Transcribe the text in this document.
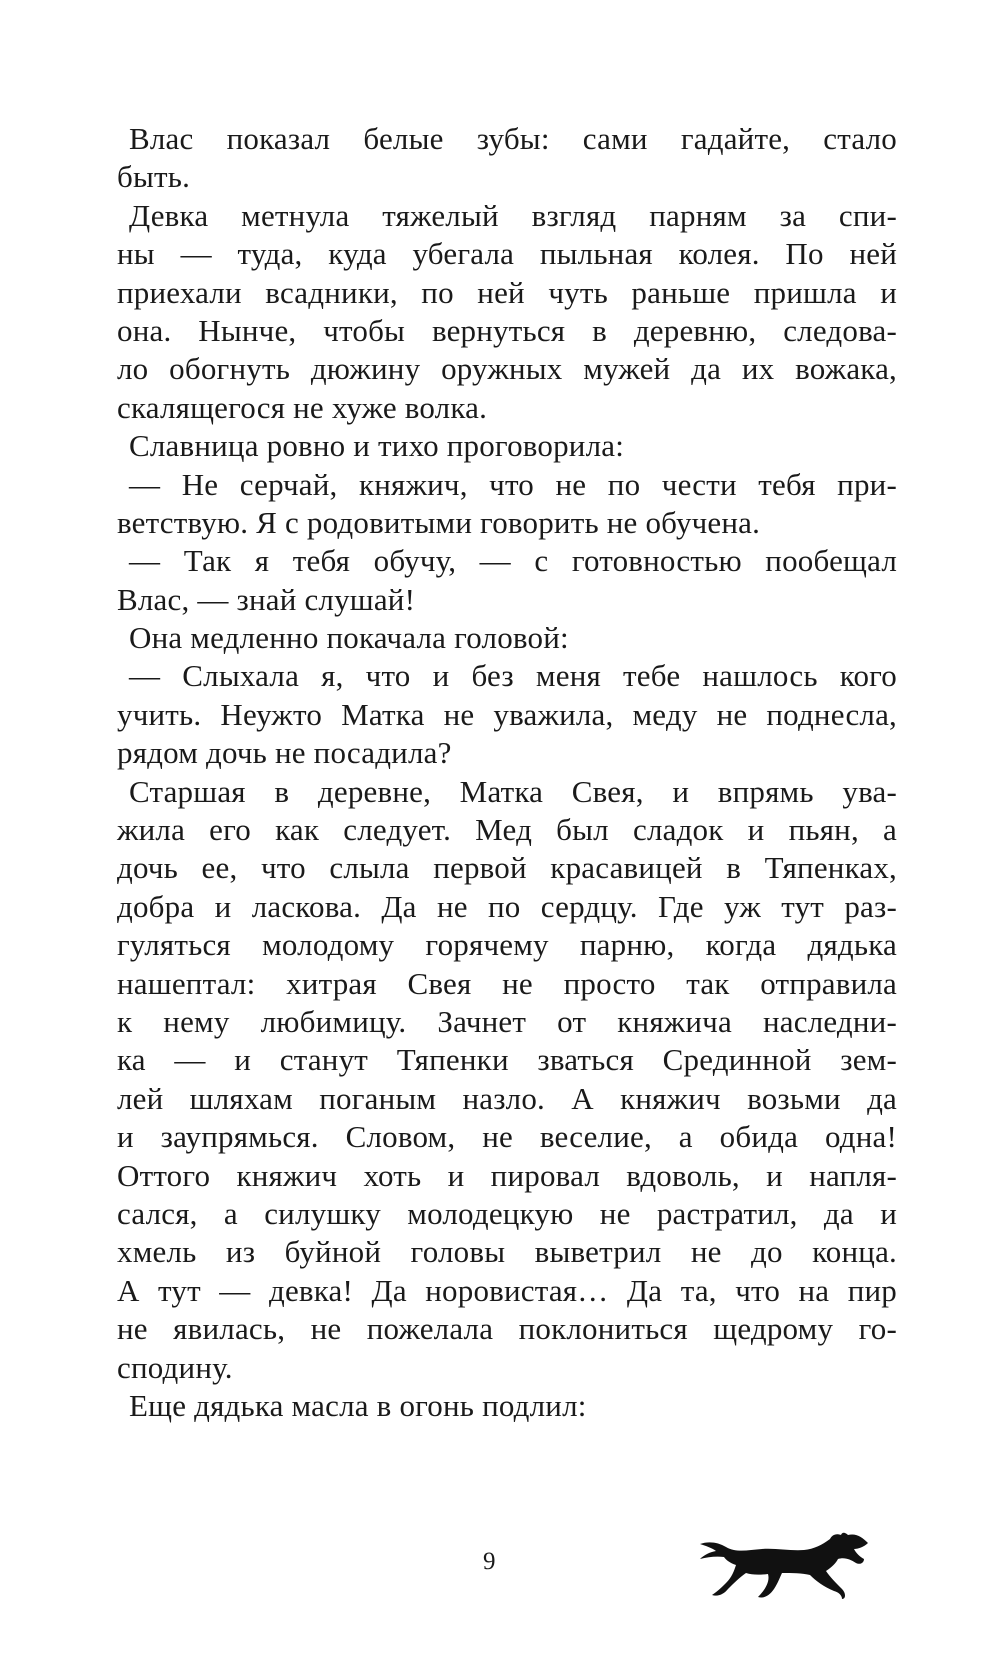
Влас показал белые зубы: сами гадайте, стало
быть.
Девка метнула тяжелый взгляд парням за спи-
ны — туда, куда убегала пыльная колея. По ней
приехали всадники, по ней чуть раньше пришла и
она. Нынче, чтобы вернуться в деревню, следова-
ло обогнуть дюжину оружных мужей да их вожака,
скалящегося не хуже волка.
Славница ровно и тихо проговорила:
— Не серчай, княжич, что не по чести тебя при-
ветствую. Я с родовитыми говорить не обучена.
— Так я тебя обучу, — с готовностью пообещал
Влас, — знай слушай!
Она медленно покачала головой:
— Слыхала я, что и без меня тебе нашлось кого
учить. Неужто Матка не уважила, меду не поднесла,
рядом дочь не посадила?
Старшая в деревне, Матка Свея, и впрямь ува-
жила его как следует. Мед был сладок и пьян, а
дочь ее, что слыла первой красавицей в Тяпенках,
добра и ласкова. Да не по сердцу. Где уж тут раз-
гуляться молодому горячему парню, когда дядька
нашептал: хитрая Свея не просто так отправила
к нему любимицу. Зачнет от княжича наследни-
ка — и станут Тяпенки зваться Срединной зем-
лей шляхам поганым назло. А княжич возьми да
и заупрямься. Словом, не веселие, а обида одна!
Оттого княжич хоть и пировал вдоволь, и напля-
сался, а силушку молодецкую не растратил, да и
хмель из буйной головы выветрил не до конца.
А тут — девка! Да норовистая… Да та, что на пир
не явилась, не пожелала поклониться щедрому го-
сподину.
Еще дядька масла в огонь подлил:
9
